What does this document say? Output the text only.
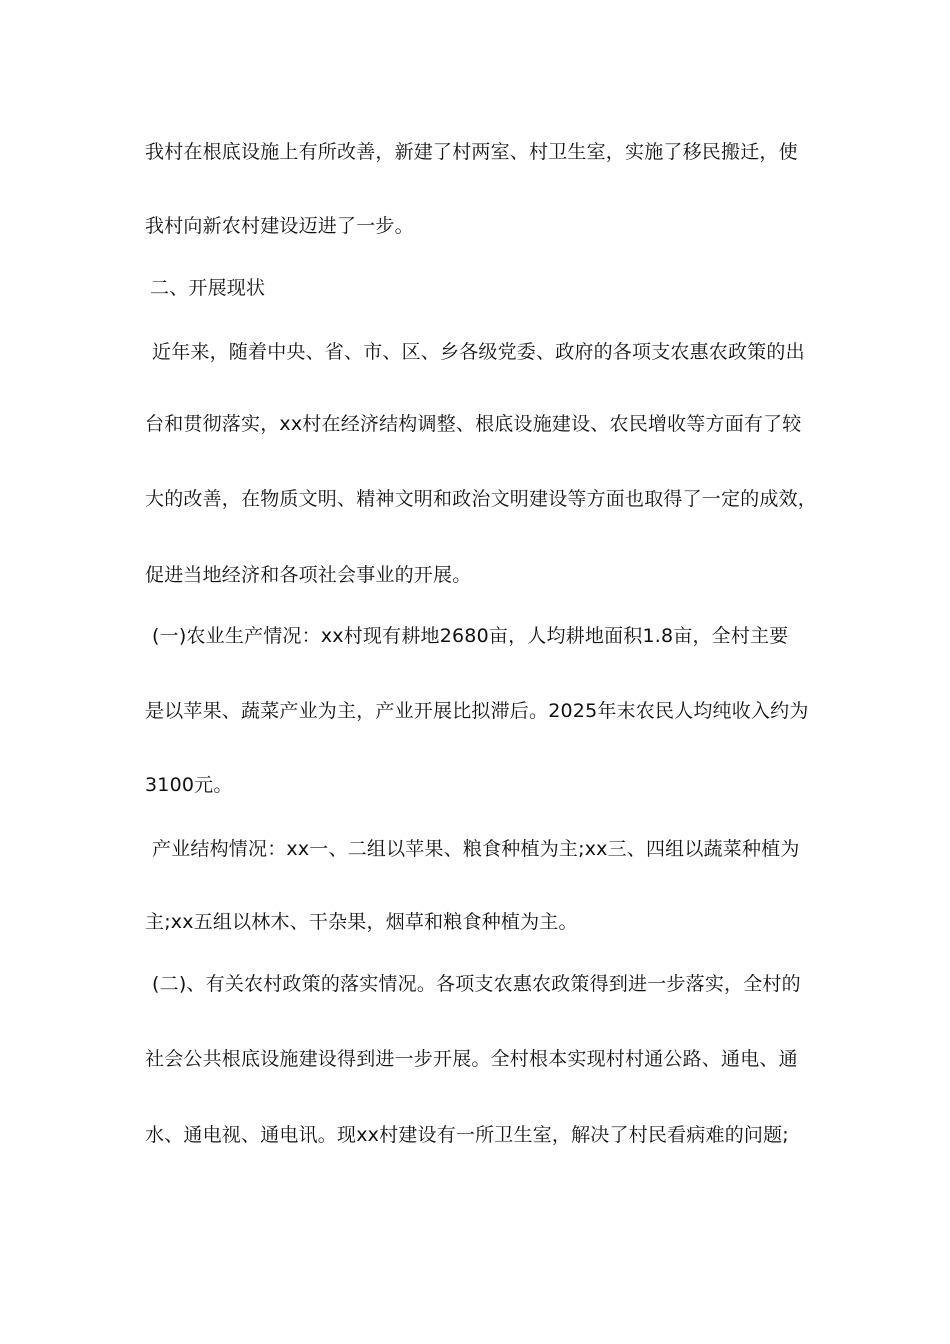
我村在根底设施上有所改善，新建了村两室、村卫生室，实施了移民搬迁，使
我村向新农村建设迈进了一步。
二、开展现状
近年来，随着中央、省、市、区、乡各级党委、政府的各项支农惠农政策的出
台和贯彻落实，xx村在经济结构调整、根底设施建设、农民增收等方面有了较
大的改善，在物质文明、精神文明和政治文明建设等方面也取得了一定的成效，
促进当地经济和各项社会事业的开展。
(一)农业生产情况：xx村现有耕地2680亩，人均耕地面积1.8亩，全村主要
是以苹果、蔬菜产业为主，产业开展比拟滞后。2025年末农民人均纯收入约为
3100元。
产业结构情况：xx一、二组以苹果、粮食种植为主;xx三、四组以蔬菜种植为
主;xx五组以林木、干杂果，烟草和粮食种植为主。
(二)、有关农村政策的落实情况。各项支农惠农政策得到进一步落实，全村的
社会公共根底设施建设得到进一步开展。全村根本实现村村通公路、通电、通
水、通电视、通电讯。现xx村建设有一所卫生室，解决了村民看病难的问题;
